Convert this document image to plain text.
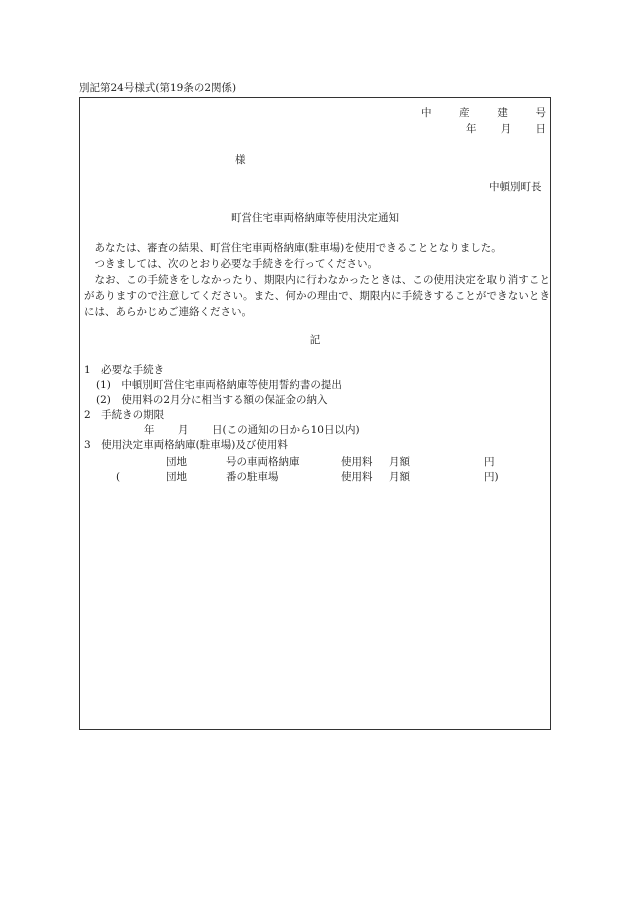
別記第24号様式(第19条の2関係)
中	産	建	号
年 月 日
様
中頓別町長
町営住宅車両格納庫等使用決定通知

あなたは、審査の結果、町営住宅車両格納庫(駐車場)を使用できることとなりました。

つきましては、次のとおり必要な手続きを行ってください。

なお、この手続きをしなかったり、期限内に行わなかったときは、この使用決定を取り消すことがありますので注意してください。また、何かの理由で、期限内に手続きすることができないときには、あらかじめご連絡ください。

記
1　必要な手続き
(1)　中頓別町営住宅車両格納庫等使用誓約書の提出
(2)　使用料の2月分に相当する額の保証金の納入
2　手続きの期限
年 月 日(この通知の日から10日以内)
3　使用決定車両格納庫(駐車場)及び使用料
団地	号の車両格納庫	使用料 月額	円
(	団地	番の駐車場	使用料 月額	円)
